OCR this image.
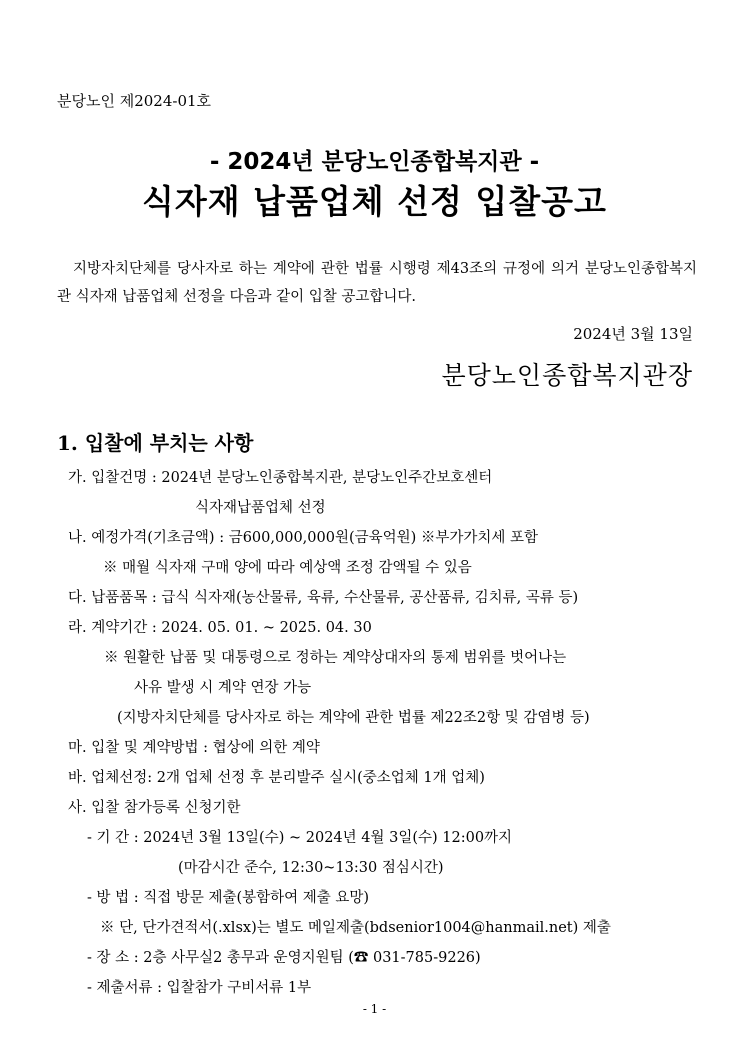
분당노인 제2024-01호
- 2024년 분당노인종합복지관 -
식자재 납품업체 선정 입찰공고
지방자치단체를 당사자로 하는 계약에 관한 법률 시행령 제43조의 규정에 의거 분당노인종합복지관 식자재 납품업체 선정을 다음과 같이 입찰 공고합니다.
2024년 3월 13일
분당노인종합복지관장
1. 입찰에 부치는 사항
가. 입찰건명 : 2024년 분당노인종합복지관, 분당노인주간보호센터
식자재납품업체 선정
나. 예정가격(기초금액) : 금600,000,000원(금육억원) ※부가가치세 포함
※ 매월 식자재 구매 양에 따라 예상액 조정 감액될 수 있음
다. 납품품목 : 급식 식자재(농산물류, 육류, 수산물류, 공산품류, 김치류, 곡류 등)
라. 계약기간 : 2024. 05. 01. ~ 2025. 04. 30
※ 원활한 납품 및 대통령으로 정하는 계약상대자의 통제 범위를 벗어나는
사유 발생 시 계약 연장 가능
(지방자치단체를 당사자로 하는 계약에 관한 법률 제22조2항 및 감염병 등)
마. 입찰 및 계약방법 : 협상에 의한 계약
바. 업체선정: 2개 업체 선정 후 분리발주 실시(중소업체 1개 업체)
사. 입찰 참가등록 신청기한
- 기 간 : 2024년 3월 13일(수) ~ 2024년 4월 3일(수) 12:00까지
(마감시간 준수, 12:30~13:30 점심시간)
- 방 법 : 직접 방문 제출(봉함하여 제출 요망)
※ 단, 단가견적서(.xlsx)는 별도 메일제출(bdsenior1004@hanmail.net) 제출
- 장 소 : 2층 사무실2 총무과 운영지원팀 (☎ 031-785-9226)
- 제출서류 : 입찰참가 구비서류 1부
- 1 -
